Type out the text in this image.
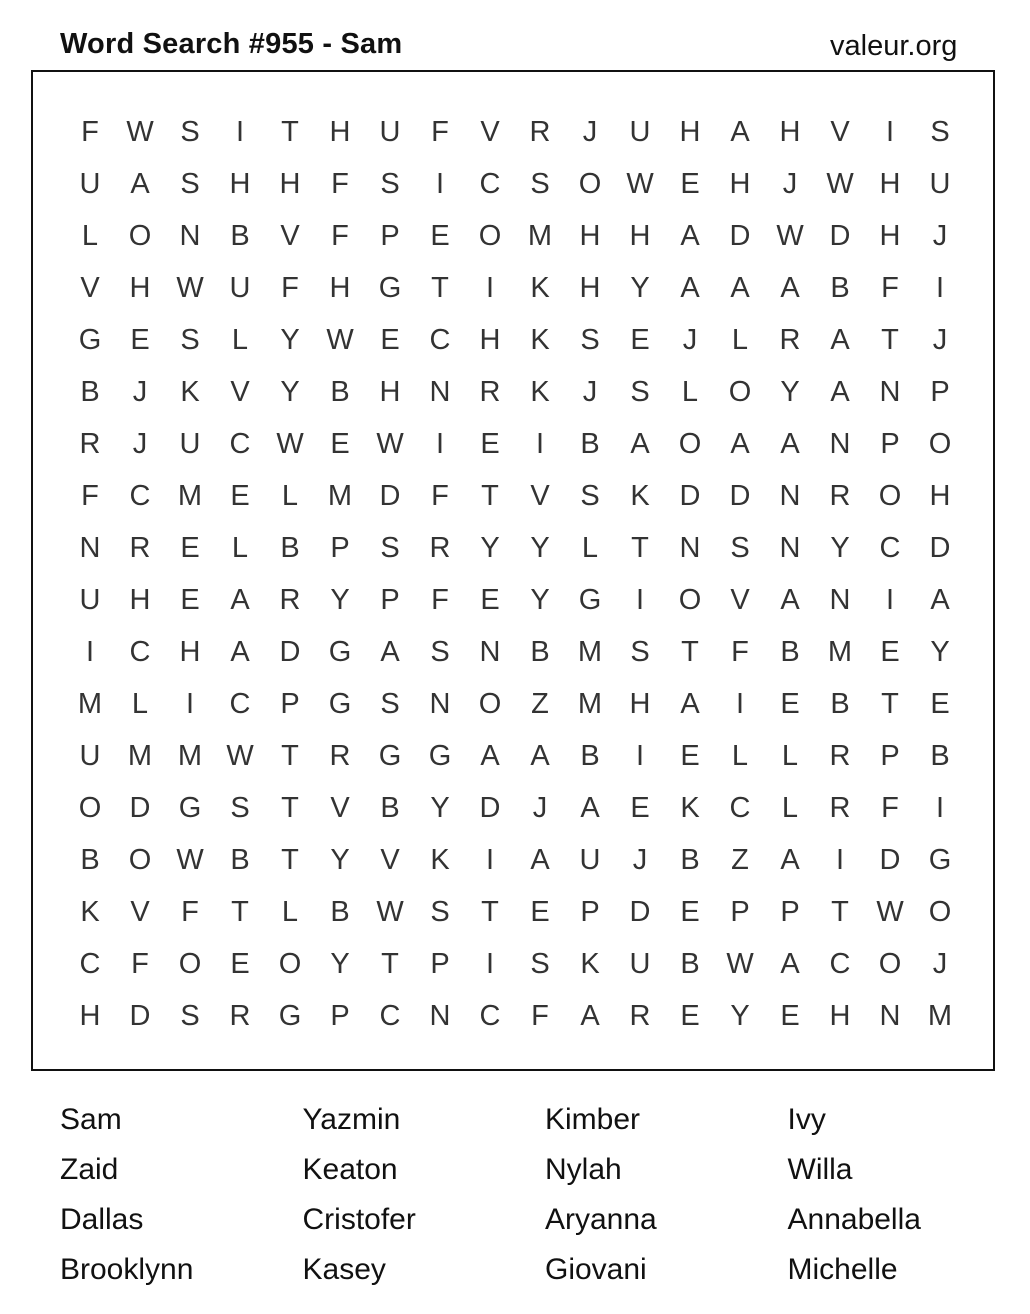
Word Search #955 - Sam	valeur.org
F W S	I	T	H	U	F	V	R	J	U	H	A	H	V	I	S
U	A	S	H	H	F	S	I	C	S	O W E	H	J	W H	U
L	O N	B	V	F	P	E	O M H	H	A	D W D	H	J
V	H W U	F	H G	T	I	K	H	Y	A	A	A	B	F	I
G	E	S	L	Y W E	C	H	K	S	E	J	L	R	A	T	J
B	J	K	V	Y	B	H	N	R	K	J	S	L	O	Y	A	N	P
R	J	U	C W E W	I	E	I	B	A	O	A	A	N	P	O
F	C M E	L	M D	F	T	V	S	K	D	D	N	R O H
N	R	E	L	B	P	S	R	Y	Y	L	T	N	S	N	Y	C	D
U	H	E	A	R	Y	P	F	E	Y	G	I	O	V	A	N	I	A
I	C	H	A	D G	A	S	N	B M S	T	F	B M E	Y
M	L	I	C	P	G	S	N O	Z	M H	A	I	E	B	T	E
U M M W T	R G G	A	A	B	I	E	L	L	R	P	B
O D G	S	T	V	B	Y	D	J	A	E	K	C	L	R	F	I
B	O W B	T	Y	V	K	I	A	U	J	B	Z	A	I	D G
K	V	F	T	L	B W S	T	E	P	D	E	P	P	T W O
C	F	O	E	O	Y	T	P	I	S	K	U	B W A	C O	J
H	D	S	R G	P	C	N	C	F	A	R	E	Y	E	H	N M
Sam	Yazmin	Kimber	Ivy
Zaid	Keaton	Nylah	Willa
Dallas	Cristofer	Aryanna	Annabella
Brooklynn	Kasey	Giovani	Michelle
